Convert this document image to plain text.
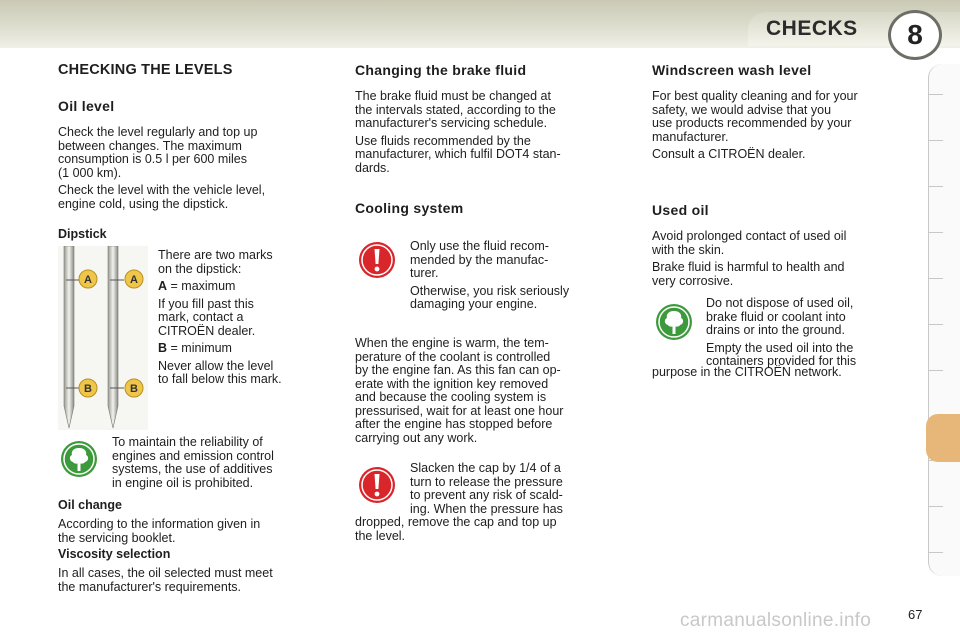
CHECKS	8
CHECKING THE LEVELS
Oil level
Check the level regularly and top up
between changes. The maximum
consumption is 0.5 l per 600 miles
(1 000 km).
Check the level with the vehicle level,
engine cold, using the dipstick.
Dipstick
A	A
B	B
There are two marks
on the dipstick:
A = maximum
If you fill past this
mark, contact a
CITROËN dealer.
B = minimum
Never allow the level
to fall below this mark.
To maintain the reliability of
engines and emission control
systems, the use of additives
in engine oil is prohibited.
Oil change
According to the information given in
the servicing booklet.
Viscosity selection
In all cases, the oil selected must meet
the manufacturer's requirements.
Changing the brake fluid
The brake fluid must be changed at
the intervals stated, according to the
manufacturer's servicing schedule.
Use fluids recommended by the
manufacturer, which fulfil DOT4 stan-
dards.
Cooling system
Only use the fluid recom-
mended by the manufac-
turer.
Otherwise, you risk seriously
damaging your engine.
When the engine is warm, the tem-
perature of the coolant is controlled
by the engine fan. As this fan can op-
erate with the ignition key removed
and because the cooling system is
pressurised, wait for at least one hour
after the engine has stopped before
carrying out any work.
Slacken the cap by 1/4 of a
turn to release the pressure
to prevent any risk of scald-
ing. When the pressure has
dropped, remove the cap and top up
the level.
Windscreen wash level
For best quality cleaning and for your
safety, we would advise that you
use products recommended by your
manufacturer.
Consult a CITROËN dealer.
Used oil
Avoid prolonged contact of used oil
with the skin.
Brake fluid is harmful to health and
very corrosive.
Do not dispose of used oil,
brake fluid or coolant into
drains or into the ground.
Empty the used oil into the
containers provided for this
purpose in the CITROËN network.
carmanualsonline.info	67
